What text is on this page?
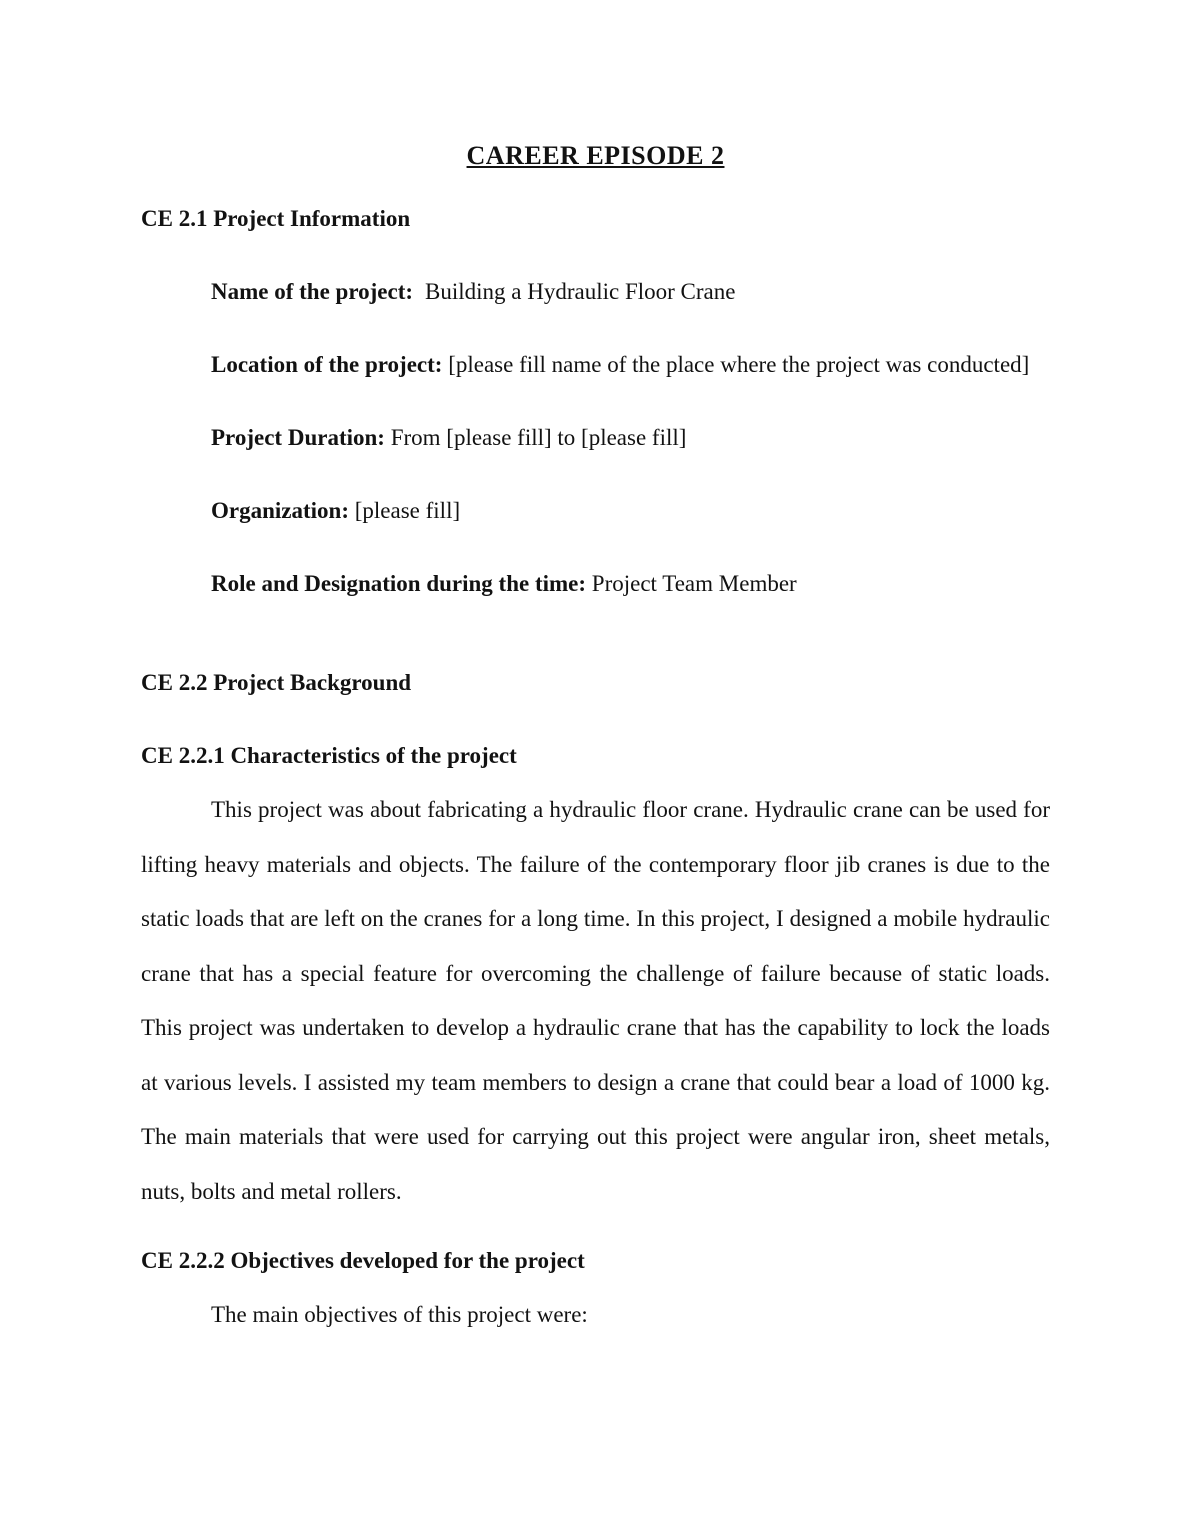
CAREER EPISODE 2
CE 2.1 Project Information

Name of the project: Building a Hydraulic Floor Crane

Location of the project: [please fill name of the place where the project was conducted]

Project Duration: From [please fill] to [please fill]

Organization: [please fill]

Role and Designation during the time: Project Team Member

CE 2.2 Project Background
CE 2.2.1 Characteristics of the project

This project was about fabricating a hydraulic floor crane. Hydraulic crane can be used for lifting heavy materials and objects. The failure of the contemporary floor jib cranes is due to the static loads that are left on the cranes for a long time. In this project, I designed a mobile hydraulic crane that has a special feature for overcoming the challenge of failure because of static loads. This project was undertaken to develop a hydraulic crane that has the capability to lock the loads at various levels. I assisted my team members to design a crane that could bear a load of 1000 kg. The main materials that were used for carrying out this project were angular iron, sheet metals, nuts, bolts and metal rollers.

CE 2.2.2 Objectives developed for the project

The main objectives of this project were:
